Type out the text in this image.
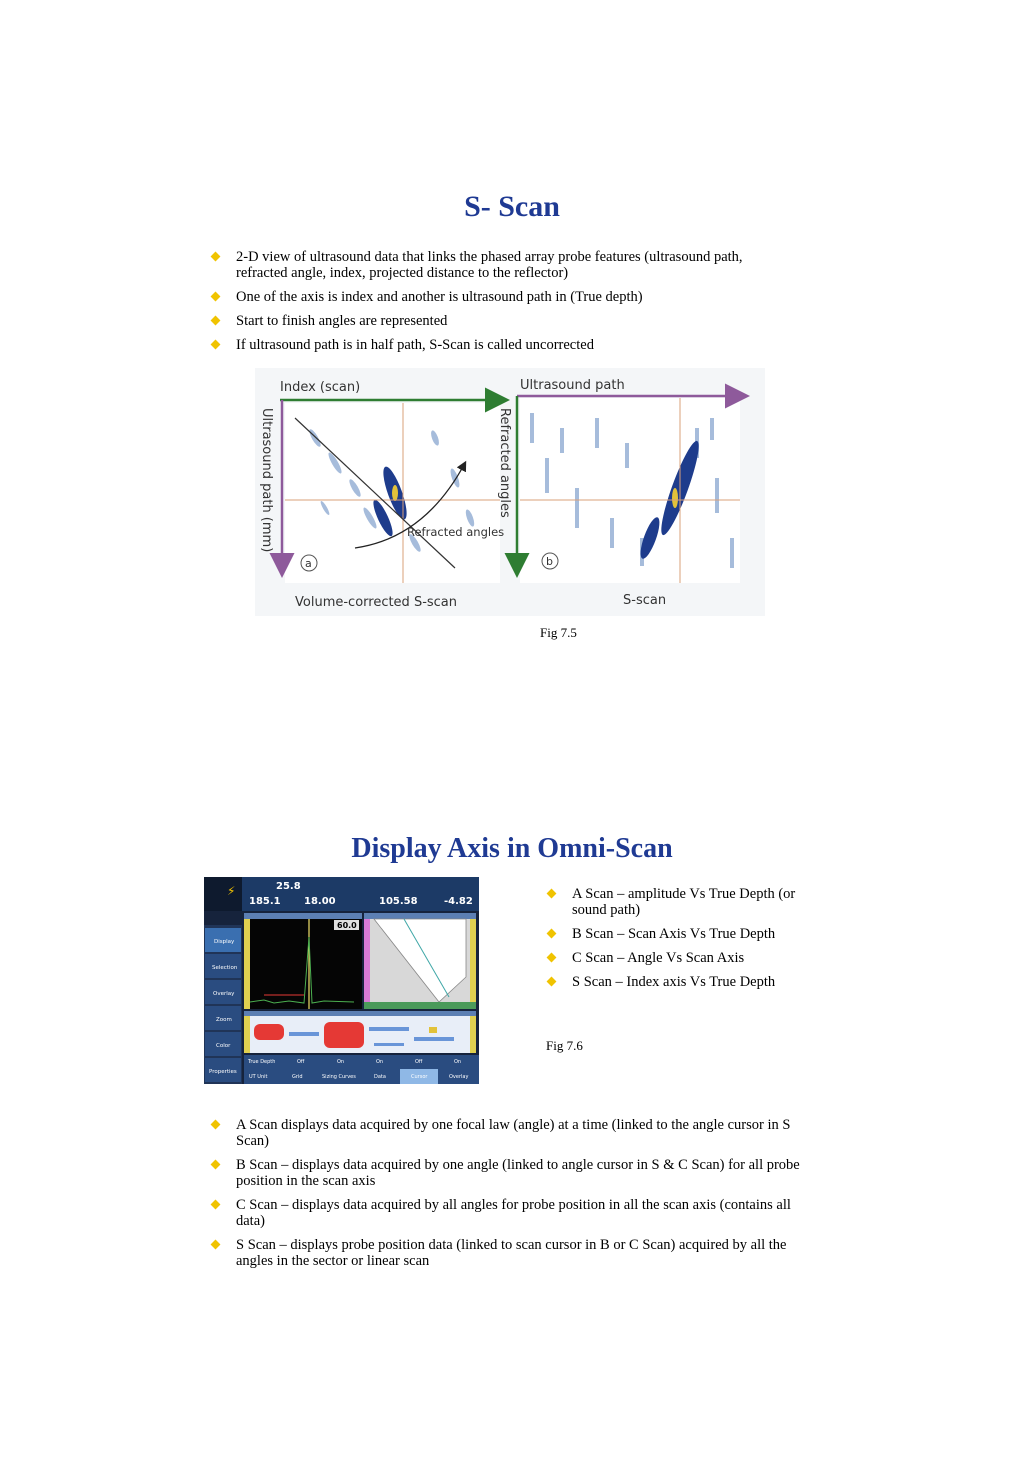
S- Scan
2-D view of ultrasound data that links the phased array probe features (ultrasound path, refracted angle, index, projected distance to the reflector)
One of the axis is index and another is ultrasound path in (True depth)
Start to finish angles are represented
If ultrasound path is in half path, S-Scan is called uncorrected
Index (scan)	Ultrasound path
Ultrasound path (mm)	Refracted angles
Refracted angles
a	b
Volume-corrected S-scan	S-scan
Fig 7.5
Display Axis in Omni-Scan
⚡	25.8
185.1 18.00	105.58	-4.82
Display
Selection
Overlay
Zoom
Color
Properties
60.0
True Depth	Off	On	On	Off	On
UT Unit	Grid	Sizing Curves	Data	Cursor	Overlay
A Scan – amplitude Vs True Depth (or sound path)
B Scan – Scan Axis Vs True Depth
C Scan – Angle Vs Scan Axis
S Scan – Index axis Vs True Depth
Fig 7.6
A Scan displays data acquired by one focal law (angle) at a time (linked to the angle cursor in S Scan)
B Scan – displays data acquired by one angle (linked to angle cursor in S & C Scan) for all probe position in the scan axis
C Scan – displays data acquired by all angles for probe position in all the scan axis (contains all data)
S Scan – displays probe position data (linked to scan cursor in B or C Scan) acquired by all the angles in the sector or linear scan
